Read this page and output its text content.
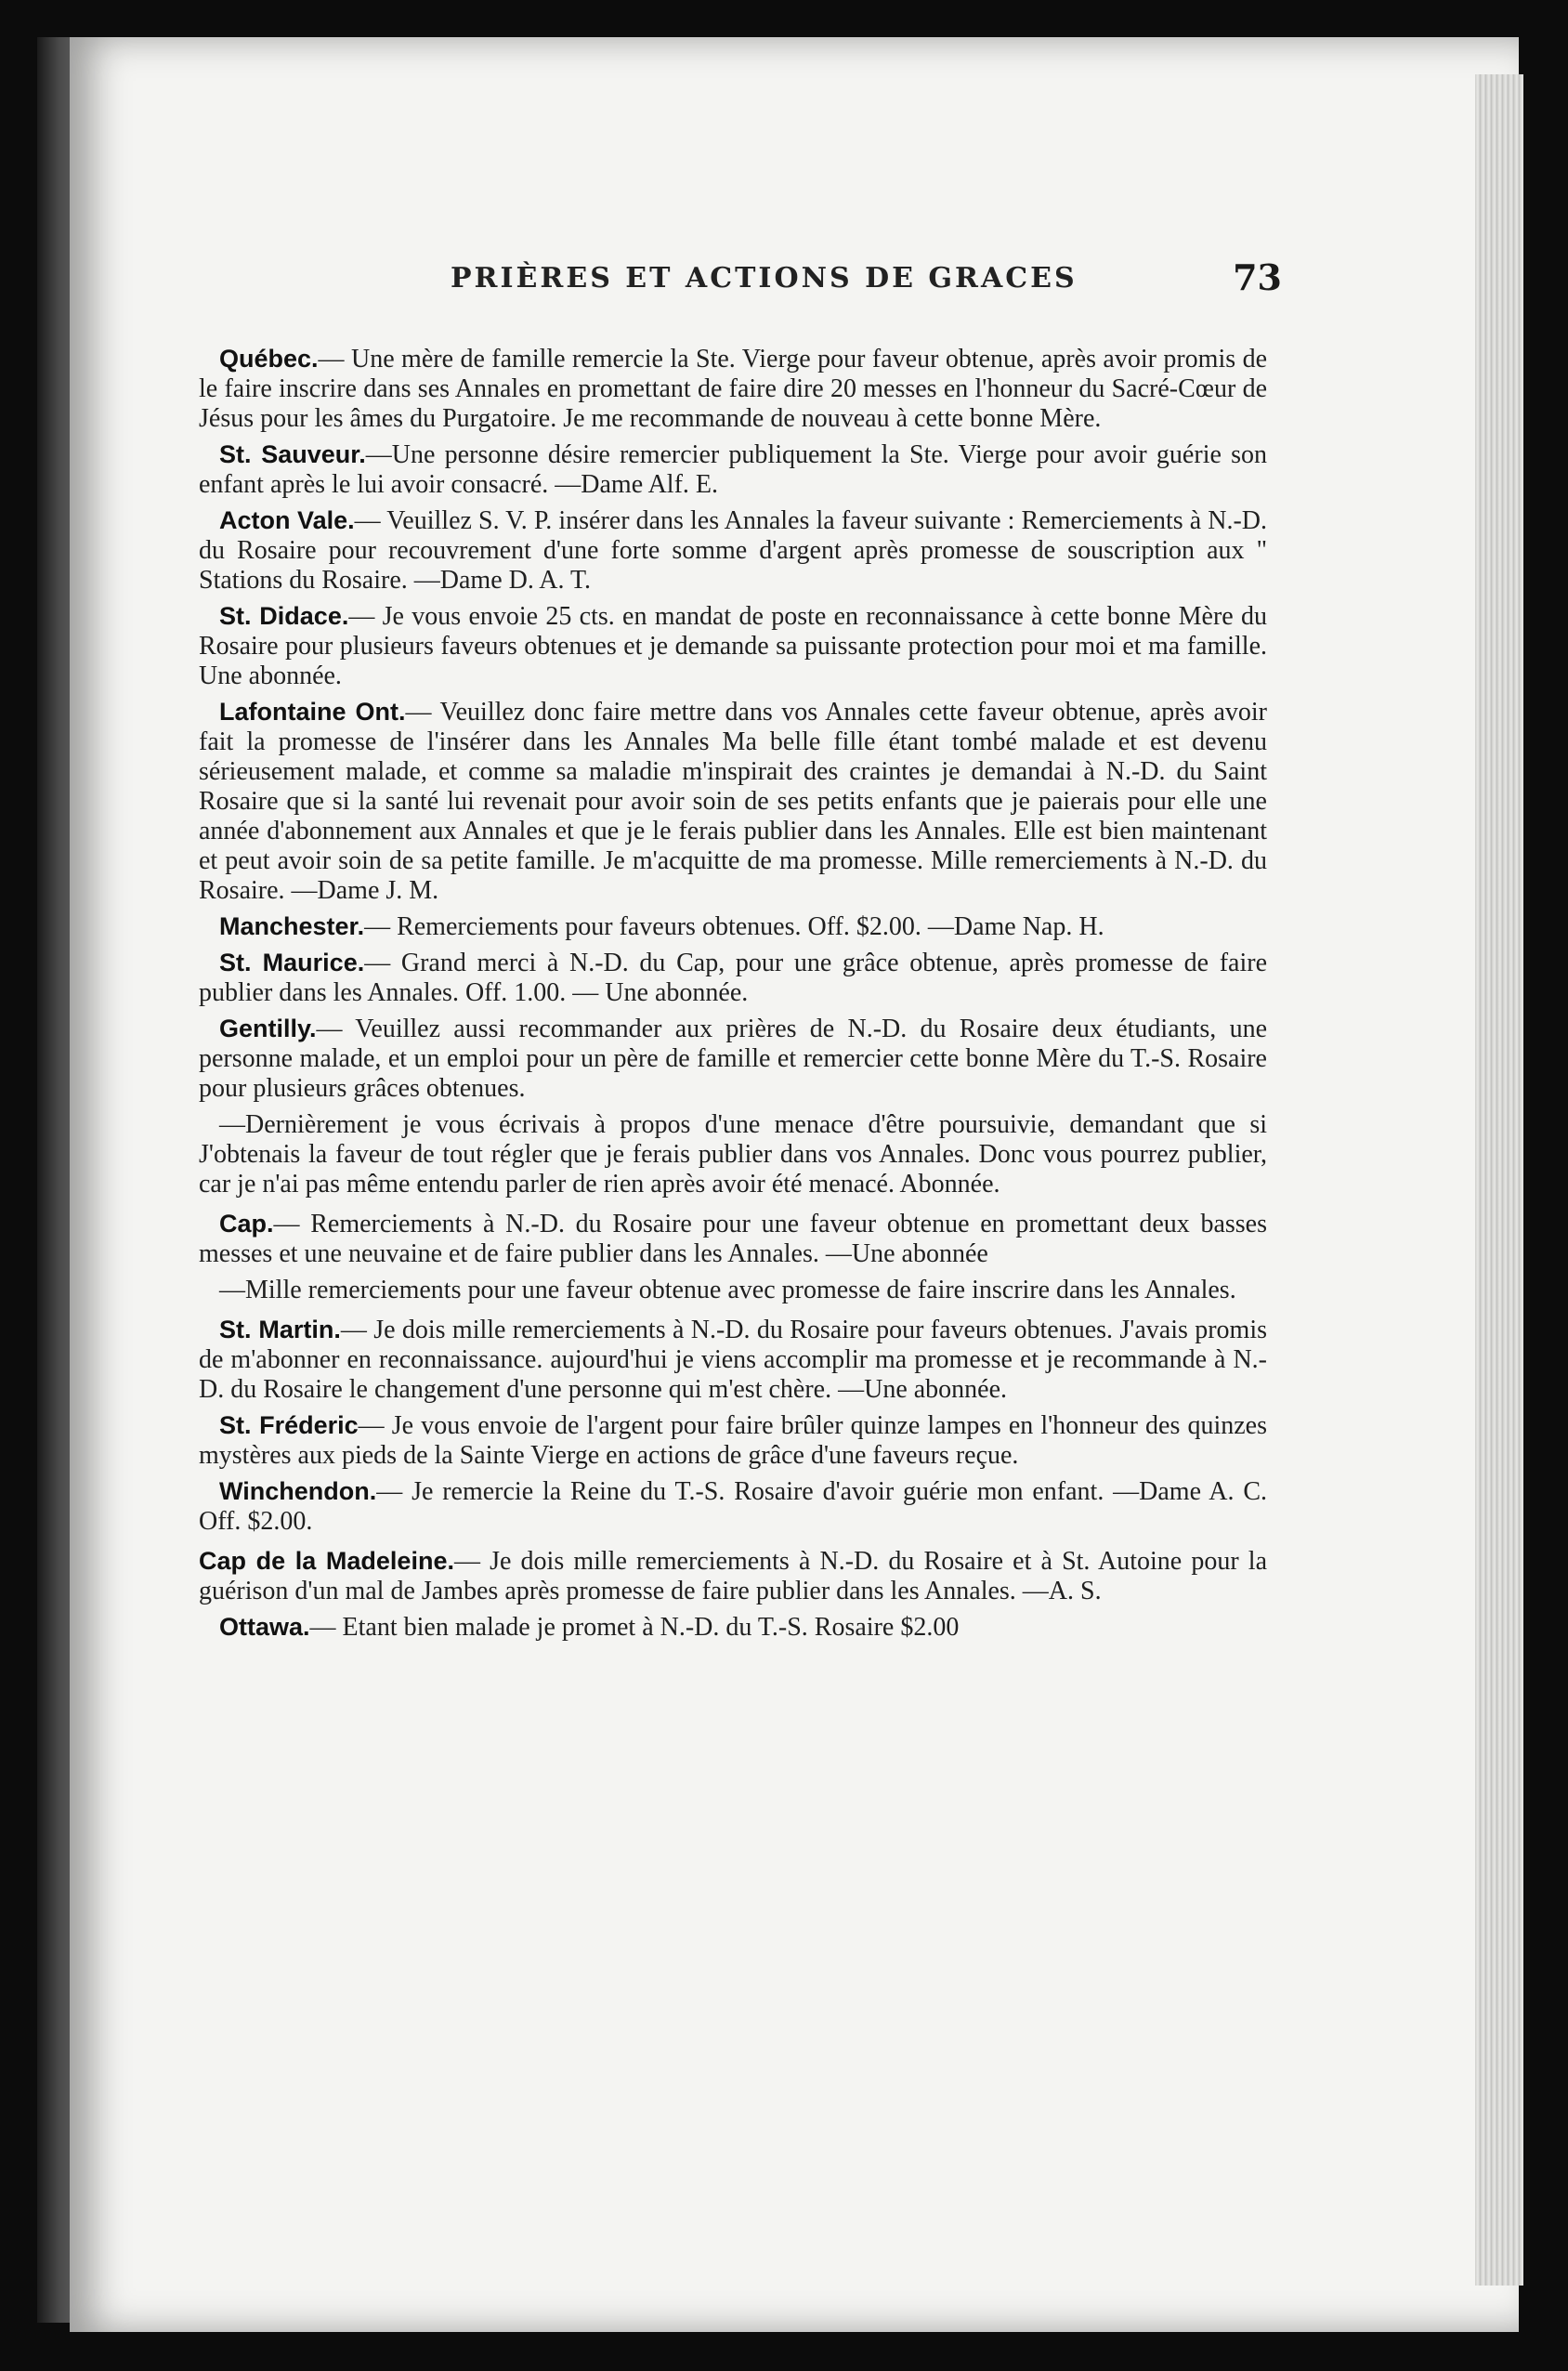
PRIÈRES ET ACTIONS DE GRACES	73

Québec.— Une mère de famille remercie la Ste. Vierge pour faveur obtenue, après avoir promis de le faire inscrire dans ses Annales en promettant de faire dire 20 messes en l'honneur du Sacré-Cœur de Jésus pour les âmes du Purgatoire. Je me recommande de nouveau à cette bonne Mère.

St. Sauveur.—Une personne désire remercier publiquement la Ste. Vierge pour avoir guérie son enfant après le lui avoir consacré. —Dame Alf. E.

Acton Vale.— Veuillez S. V. P. insérer dans les Annales la faveur suivante : Remerciements à N.-D. du Rosaire pour recouvrement d'une forte somme d'argent après promesse de souscription aux " Stations du Rosaire. —Dame D. A. T.

St. Didace.— Je vous envoie 25 cts. en mandat de poste en reconnaissance à cette bonne Mère du Rosaire pour plusieurs faveurs obtenues et je demande sa puissante protection pour moi et ma famille. Une abonnée.

Lafontaine Ont.— Veuillez donc faire mettre dans vos Annales cette faveur obtenue, après avoir fait la promesse de l'insérer dans les Annales Ma belle fille étant tombé malade et est devenu sérieusement malade, et comme sa maladie m'inspirait des craintes je demandai à N.-D. du Saint Rosaire que si la santé lui revenait pour avoir soin de ses petits enfants que je paierais pour elle une année d'abonnement aux Annales et que je le ferais publier dans les Annales. Elle est bien maintenant et peut avoir soin de sa petite famille. Je m'acquitte de ma promesse. Mille remerciements à N.-D. du Rosaire. —Dame J. M.

Manchester.— Remerciements pour faveurs obtenues. Off. $2.00. —Dame Nap. H.

St. Maurice.— Grand merci à N.-D. du Cap, pour une grâce obtenue, après promesse de faire publier dans les Annales. Off. 1.00. — Une abonnée.

Gentilly.— Veuillez aussi recommander aux prières de N.-D. du Rosaire deux étudiants, une personne malade, et un emploi pour un père de famille et remercier cette bonne Mère du T.-S. Rosaire pour plusieurs grâces obtenues.

—Dernièrement je vous écrivais à propos d'une menace d'être poursuivie, demandant que si J'obtenais la faveur de tout régler que je ferais publier dans vos Annales. Donc vous pourrez publier, car je n'ai pas même entendu parler de rien après avoir été menacé. Abonnée.

Cap.— Remerciements à N.-D. du Rosaire pour une faveur obtenue en promettant deux basses messes et une neuvaine et de faire publier dans les Annales. —Une abonnée

—Mille remerciements pour une faveur obtenue avec promesse de faire inscrire dans les Annales.

St. Martin.— Je dois mille remerciements à N.-D. du Rosaire pour faveurs obtenues. J'avais promis de m'abonner en reconnaissance. aujourd'hui je viens accomplir ma promesse et je recommande à N.-D. du Rosaire le changement d'une personne qui m'est chère. —Une abonnée.

St. Fréderic— Je vous envoie de l'argent pour faire brûler quinze lampes en l'honneur des quinzes mystères aux pieds de la Sainte Vierge en actions de grâce d'une faveurs reçue.

Winchendon.— Je remercie la Reine du T.-S. Rosaire d'avoir guérie mon enfant. —Dame A. C. Off. $2.00.

Cap de la Madeleine.— Je dois mille remerciements à N.-D. du Rosaire et à St. Autoine pour la guérison d'un mal de Jambes après promesse de faire publier dans les Annales. —A. S.

Ottawa.— Etant bien malade je promet à N.-D. du T.-S. Rosaire $2.00
